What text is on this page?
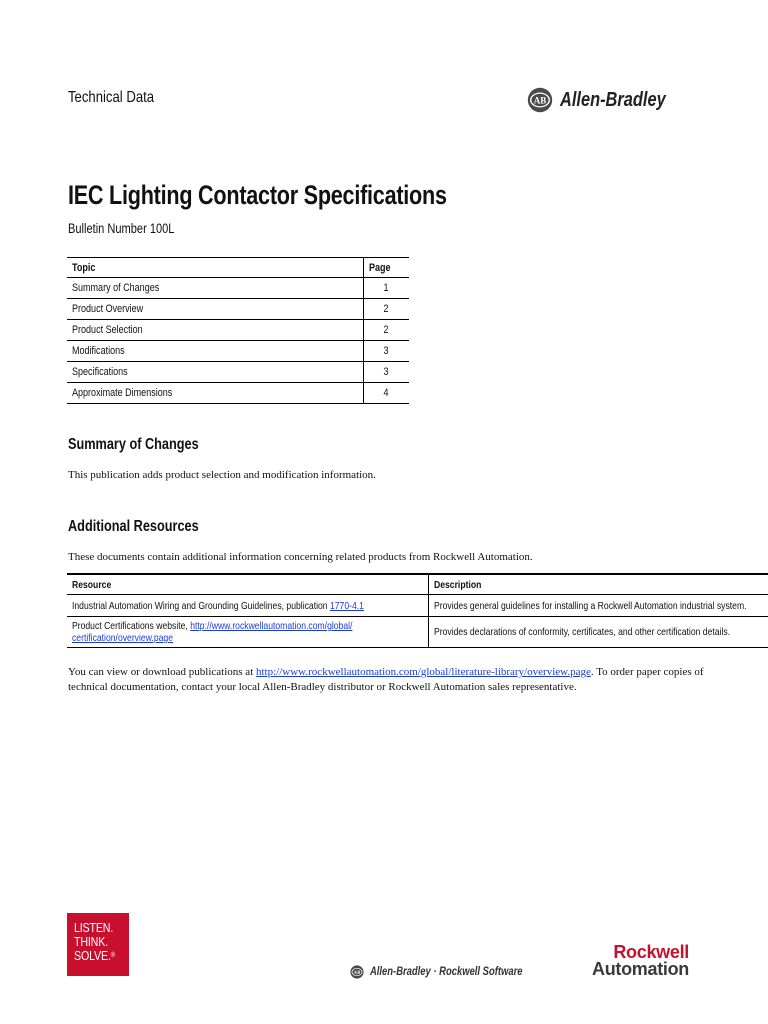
Technical Data	AB Allen-Bradley
IEC Lighting Contactor Specifications
Bulletin Number 100L
Topic	Page
Summary of Changes	1
Product Overview	2
Product Selection	2
Modifications	3
Specifications	3
Approximate Dimensions	4
Summary of Changes
This publication adds product selection and modification information.
Additional Resources
These documents contain additional information concerning related products from Rockwell Automation.
Resource	Description

Industrial Automation Wiring and Grounding Guidelines, publication 1770-4.1	Provides general guidelines for installing a Rockwell Automation industrial system.

Product Certifications website, http://www.rockwellautomation.com/global/
certification/overview.page	Provides declarations of conformity, certificates, and other certification details.
You can view or download publications at http://www.rockwellautomation.com/global/literature-library/overview.page. To order paper copies of technical documentation, contact your local Allen-Bradley distributor or Rockwell Automation sales representative.
LISTEN.
THINK.
SOLVE.®
AB Allen-Bradley · Rockwell Software
Rockwell
Automation
